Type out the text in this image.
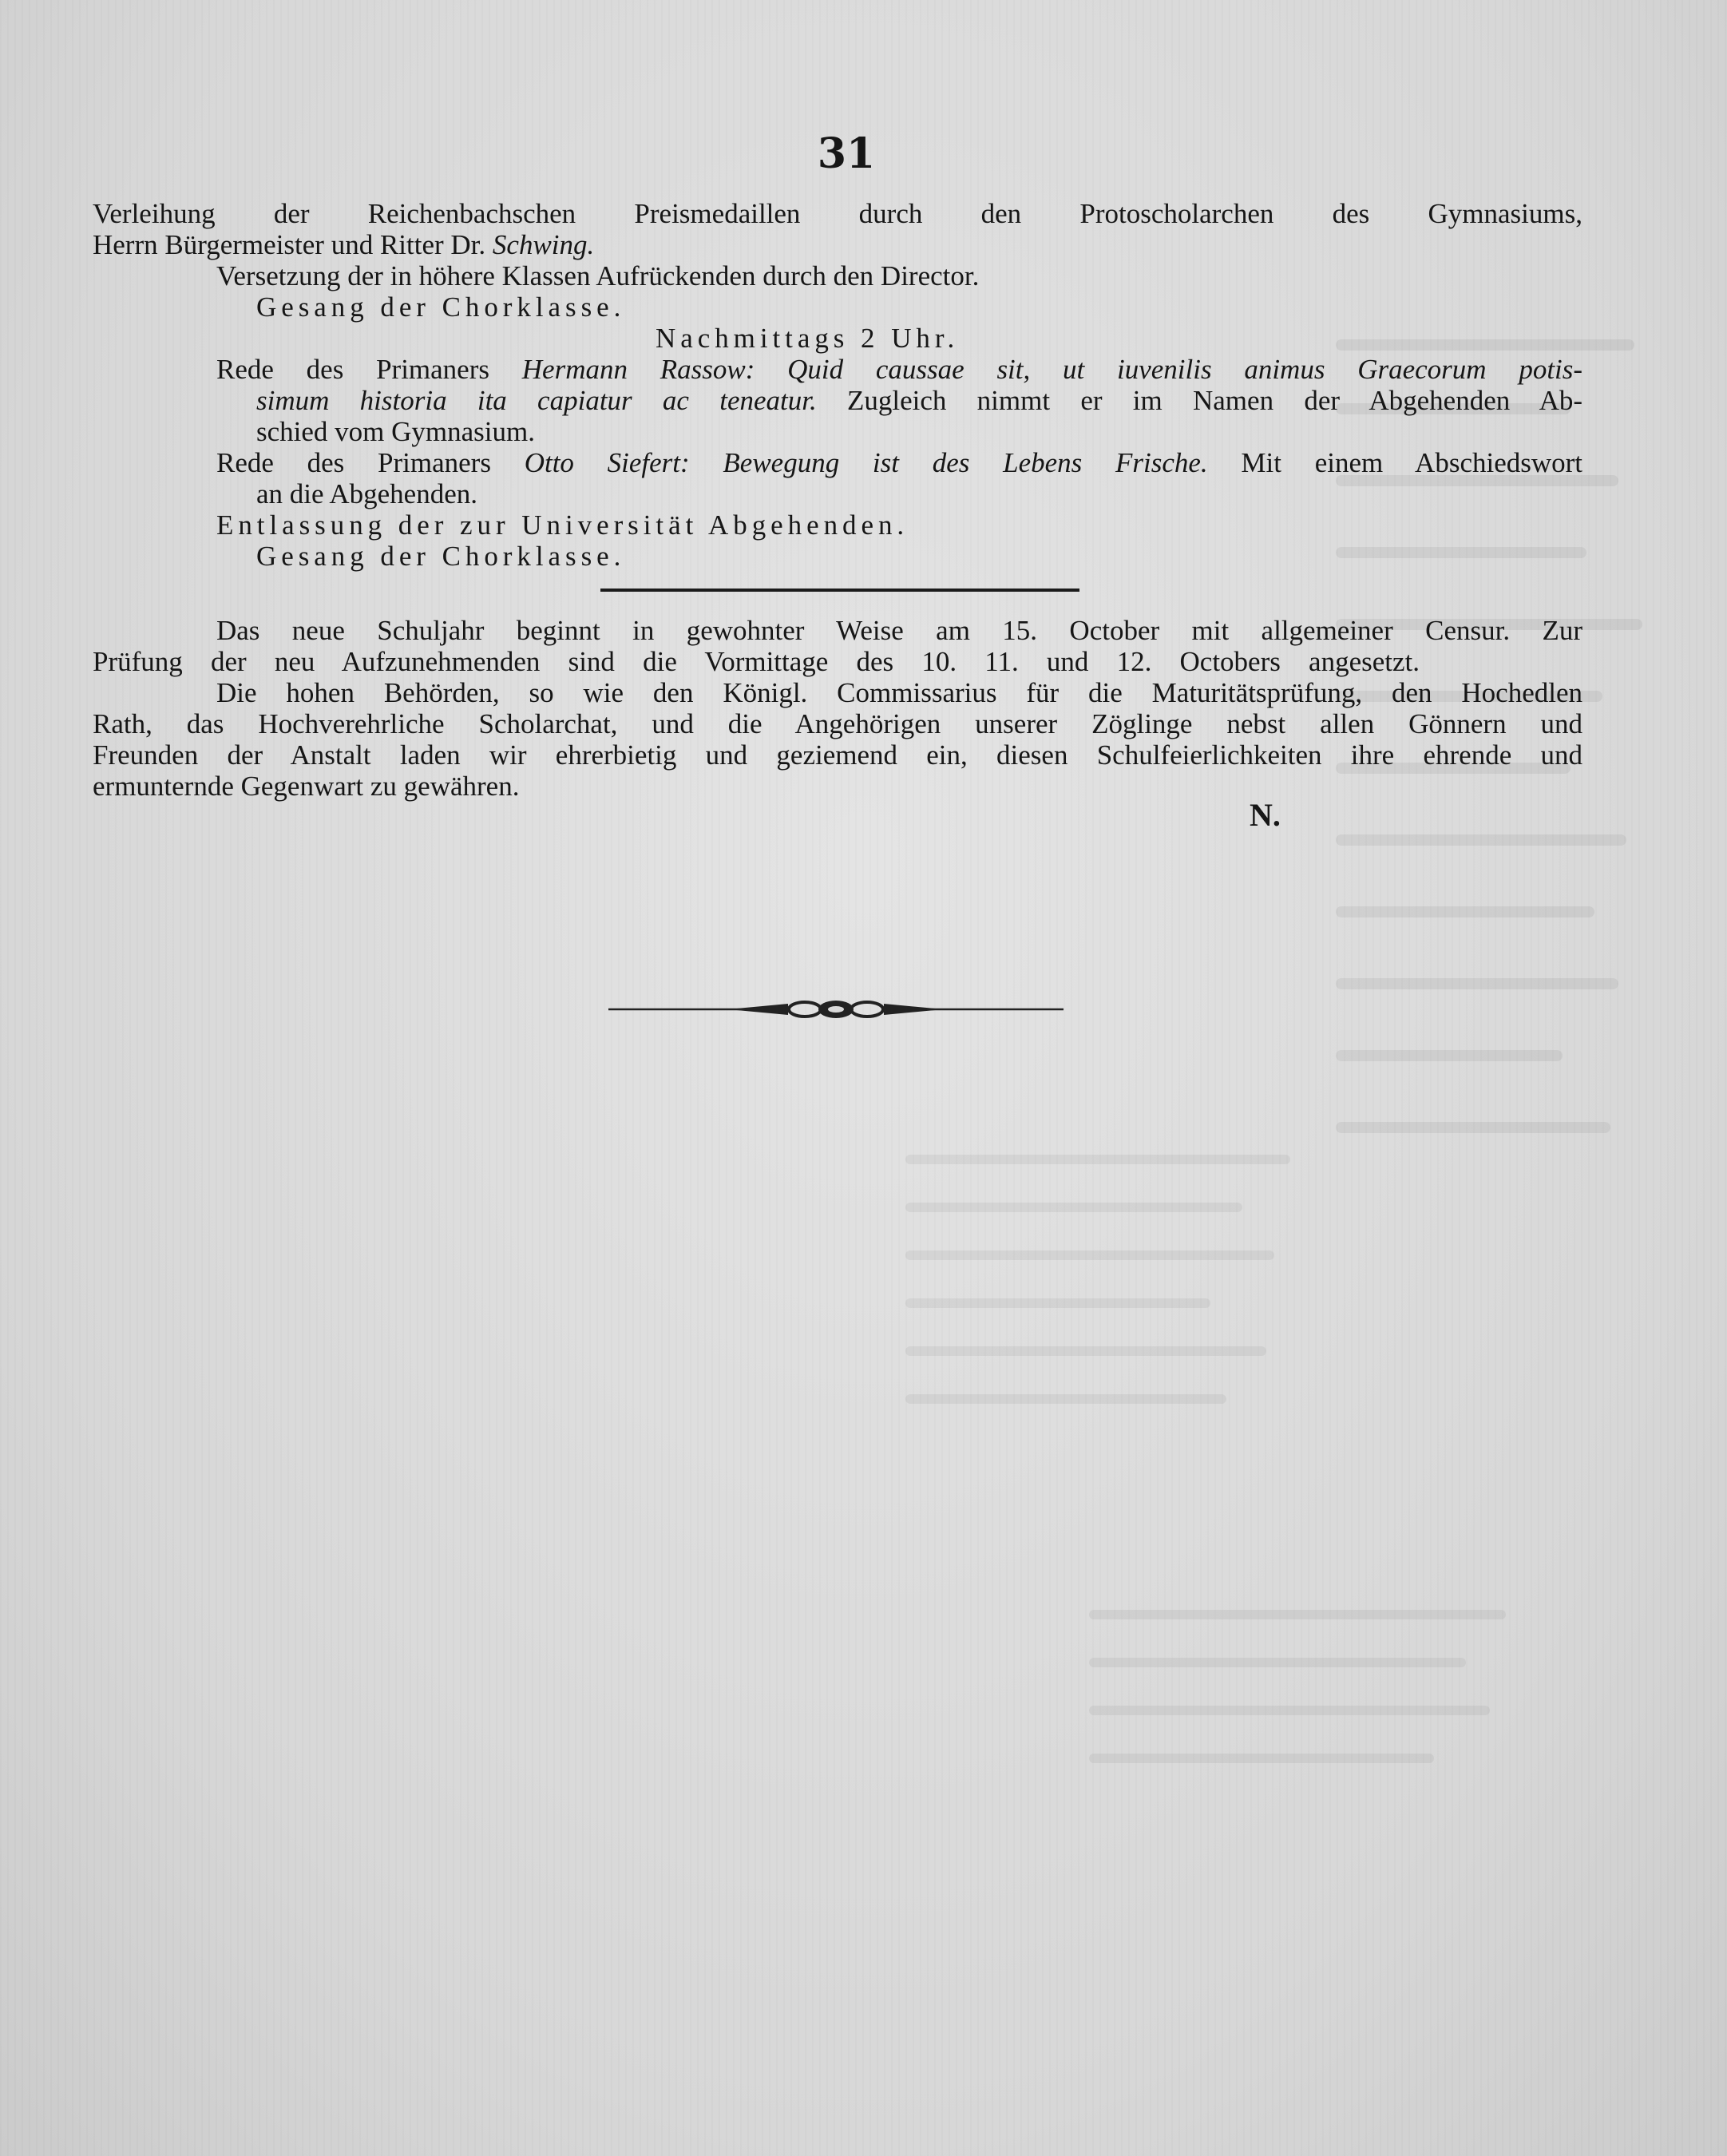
31
Verleihung der Reichenbachschen Preismedaillen durch den Protoscholarchen des Gymnasiums,
Herrn Bürgermeister und Ritter Dr. Schwing.
Versetzung der in höhere Klassen Aufrückenden durch den Director.
Gesang der Chorklasse.
Nachmittags 2 Uhr.
Rede des Primaners Hermann Rassow: Quid caussae sit, ut iuvenilis animus Graecorum potis-
simum historia ita capiatur ac teneatur. Zugleich nimmt er im Namen der Abgehenden Ab-
schied vom Gymnasium.
Rede des Primaners Otto Siefert: Bewegung ist des Lebens Frische. Mit einem Abschiedswort
an die Abgehenden.
Entlassung der zur Universität Abgehenden.
Gesang der Chorklasse.
Das neue Schuljahr beginnt in gewohnter Weise am 15. October mit allgemeiner Censur. Zur
Prüfung der neu Aufzunehmenden sind die Vormittage des 10. 11. und 12. Octobers angesetzt.
Die hohen Behörden, so wie den Königl. Commissarius für die Maturitätsprüfung, den Hochedlen
Rath, das Hochverehrliche Scholarchat, und die Angehörigen unserer Zöglinge nebst allen Gönnern und
Freunden der Anstalt laden wir ehrerbietig und geziemend ein, diesen Schulfeierlichkeiten ihre ehrende und
ermunternde Gegenwart zu gewähren.
N.
